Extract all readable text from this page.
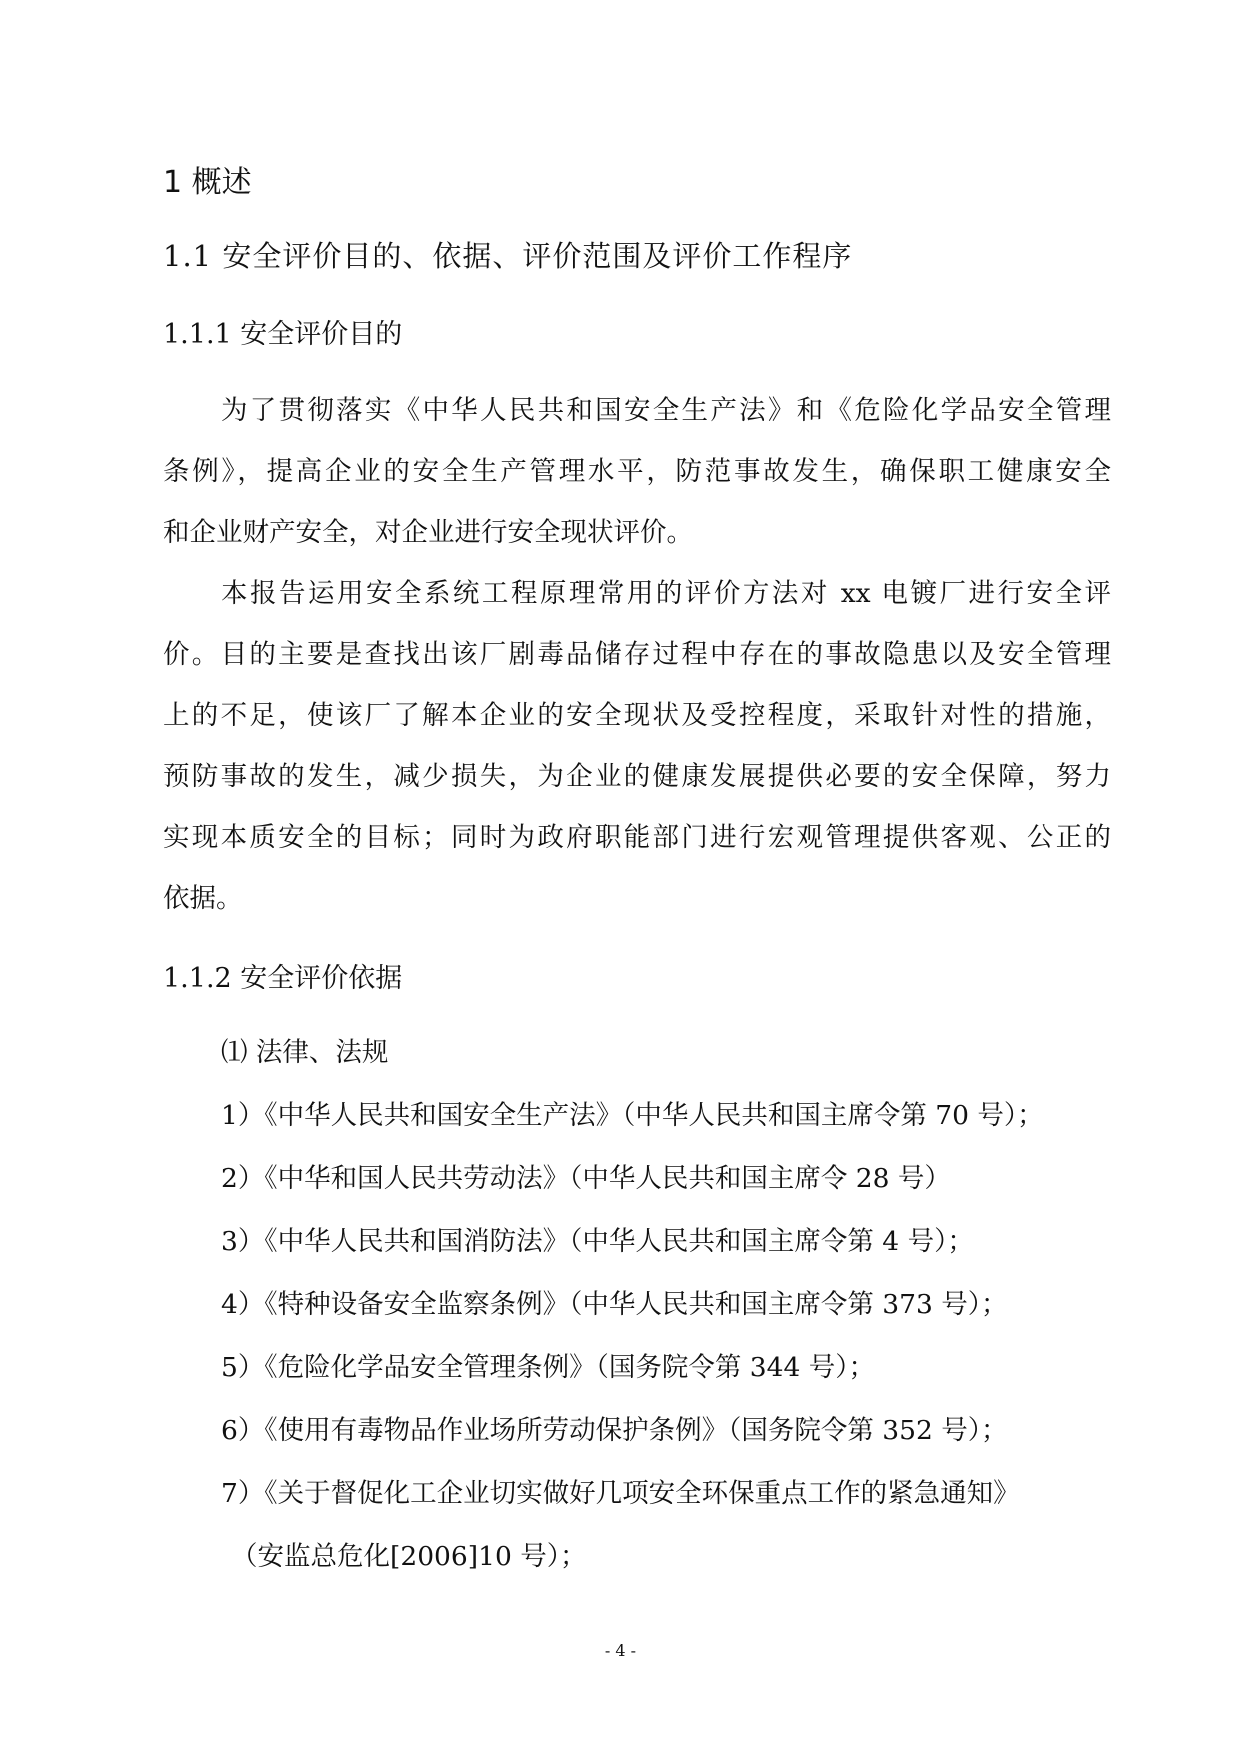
1 概述

1.1 安全评价目的、依据、评价范围及评价工作程序

1.1.1 安全评价目的

为了贯彻落实《中华人民共和国安全生产法》和《危险化学品安全管理

条例》，提高企业的安全生产管理水平，防范事故发生，确保职工健康安全

和企业财产安全，对企业进行安全现状评价。

本报告运用安全系统工程原理常用的评价方法对 xx 电镀厂进行安全评

价。目的主要是查找出该厂剧毒品储存过程中存在的事故隐患以及安全管理

上的不足，使该厂了解本企业的安全现状及受控程度，采取针对性的措施，

预防事故的发生，减少损失，为企业的健康发展提供必要的安全保障，努力

实现本质安全的目标；同时为政府职能部门进行宏观管理提供客观、公正的

依据。

1.1.2 安全评价依据

⑴ 法律、法规

1）《中华人民共和国安全生产法》（中华人民共和国主席令第 70 号）；

2）《中华和国人民共劳动法》（中华人民共和国主席令 28 号）

3）《中华人民共和国消防法》（中华人民共和国主席令第 4 号）；

4）《特种设备安全监察条例》（中华人民共和国主席令第 373 号）；

5）《危险化学品安全管理条例》（国务院令第 344 号）；

6）《使用有毒物品作业场所劳动保护条例》（国务院令第 352 号）；

7）《关于督促化工企业切实做好几项安全环保重点工作的紧急通知》

（安监总危化[2006]10 号）；

- 4 -
